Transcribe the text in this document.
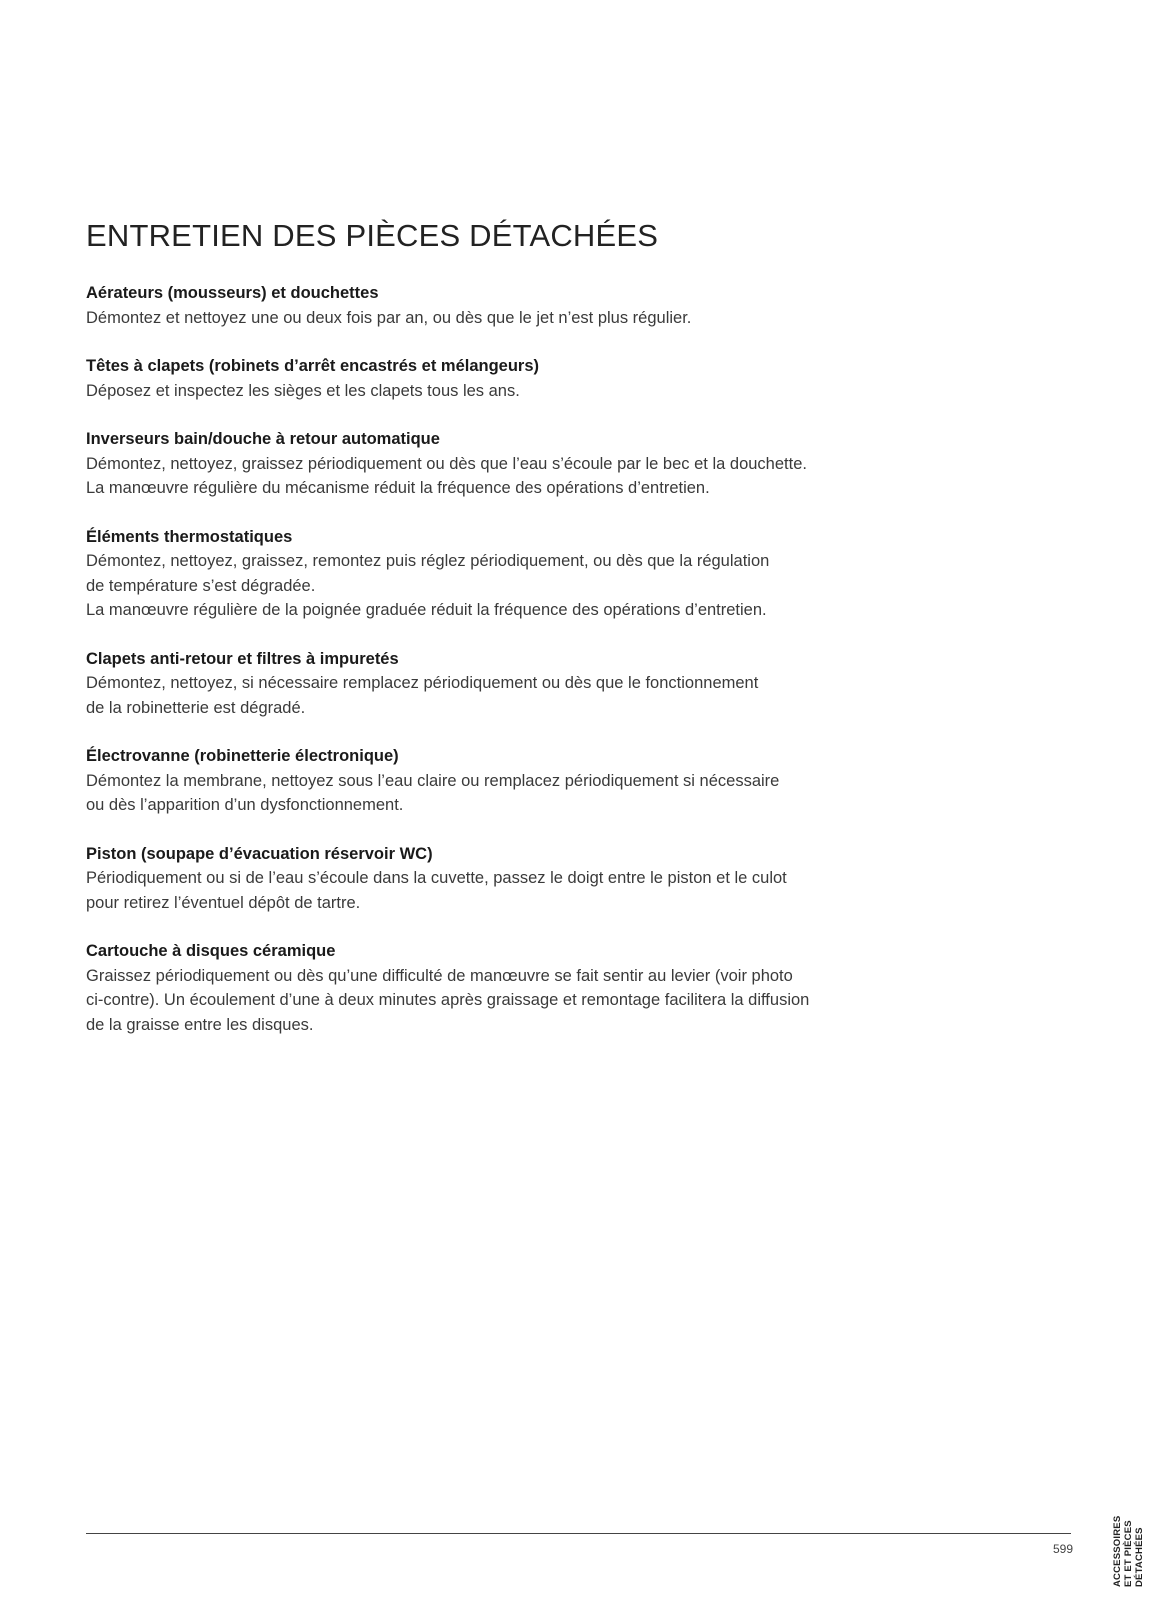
ENTRETIEN DES PIÈCES DÉTACHÉES

Aérateurs (mousseurs) et douchettes

Démontez et nettoyez une ou deux fois par an, ou dès que le jet n’est plus régulier.

Têtes à clapets (robinets d’arrêt encastrés et mélangeurs)

Déposez et inspectez les sièges et les clapets tous les ans.

Inverseurs bain/douche à retour automatique

Démontez, nettoyez, graissez périodiquement ou dès que l’eau s’écoule par le bec et la douchette.

La manœuvre régulière du mécanisme réduit la fréquence des opérations d’entretien.

Éléments thermostatiques

Démontez, nettoyez, graissez, remontez puis réglez périodiquement, ou dès que la régulation

de température s’est dégradée.

La manœuvre régulière de la poignée graduée réduit la fréquence des opérations d’entretien.

Clapets anti-retour et filtres à impuretés

Démontez, nettoyez, si nécessaire remplacez périodiquement ou dès que le fonctionnement

de la robinetterie est dégradé.

Électrovanne (robinetterie électronique)

Démontez la membrane, nettoyez sous l’eau claire ou remplacez périodiquement si nécessaire

ou dès l’apparition d’un dysfonctionnement.

Piston (soupape d’évacuation réservoir WC)

Périodiquement ou si de l’eau s’écoule dans la cuvette, passez le doigt entre le piston et le culot

pour retirez l’éventuel dépôt de tartre.

Cartouche à disques céramique

Graissez périodiquement ou dès qu’une difficulté de manœuvre se fait sentir au levier (voir photo

ci-contre). Un écoulement d’une à deux minutes après graissage et remontage facilitera la diffusion

de la graisse entre les disques.

599	ACCESSOIRES ET ET PIÈCES DÉTACHÉES
